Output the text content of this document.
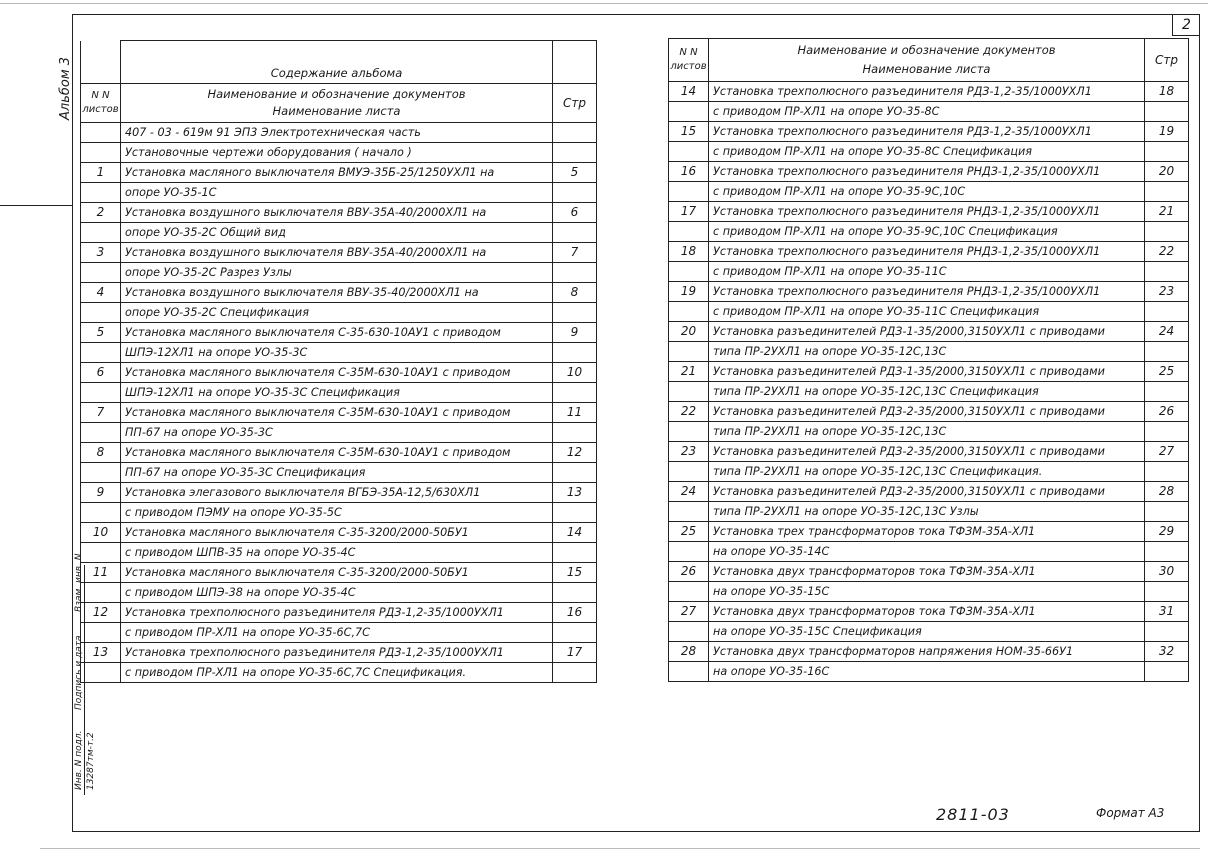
2
Альбом 3
Взам. инв. N
Подпись и дата
Инв. N подл. 13287тм-т.2
	Содержание альбома	
N N листов	Наименование и обозначение документов
Наименование листа	Стр
	407 - 03 - 619м 91 ЭП3 Электротехническая часть	
	Установочные чертежи оборудования ( начало )	
1	Установка масляного выключателя ВМУЭ-35Б-25/1250УХЛ1 на	5
	опоре УО-35-1С	
2	Установка воздушного выключателя ВВУ-35А-40/2000ХЛ1 на	6
	опоре УО-35-2С Общий вид	
3	Установка воздушного выключателя ВВУ-35А-40/2000ХЛ1 на	7
	опоре УО-35-2С Разрез Узлы	
4	Установка воздушного выключателя ВВУ-35-40/2000ХЛ1 на	8
	опоре УО-35-2С Спецификация	
5	Установка масляного выключателя С-35-630-10АУ1 с приводом	9
	ШПЭ-12ХЛ1 на опоре УО-35-3С	
6	Установка масляного выключателя С-35М-630-10АУ1 с приводом	10
	ШПЭ-12ХЛ1 на опоре УО-35-3С Спецификация	
7	Установка масляного выключателя С-35М-630-10АУ1 с приводом	11
	ПП-67 на опоре УО-35-3С	
8	Установка масляного выключателя С-35М-630-10АУ1 с приводом	12
	ПП-67 на опоре УО-35-3С Спецификация	
9	Установка элегазового выключателя ВГБЭ-35А-12,5/630ХЛ1	13
	с приводом ПЭМУ на опоре УО-35-5С	
10	Установка масляного выключателя С-35-3200/2000-50БУ1	14
	с приводом ШПВ-35 на опоре УО-35-4С	
11	Установка масляного выключателя С-35-3200/2000-50БУ1	15
	с приводом ШПЭ-38 на опоре УО-35-4С	
12	Установка трехполюсного разъединителя РДЗ-1,2-35/1000УХЛ1	16
	с приводом ПР-ХЛ1 на опоре УО-35-6С,7С	
13	Установка трехполюсного разъединителя РДЗ-1,2-35/1000УХЛ1	17
	с приводом ПР-ХЛ1 на опоре УО-35-6С,7С Спецификация.	
N N листов	Наименование и обозначение документов
Наименование листа	Стр
14	Установка трехполюсного разъединителя РДЗ-1,2-35/1000УХЛ1	18
	с приводом ПР-ХЛ1 на опоре УО-35-8С	
15	Установка трехполюсного разъединителя РДЗ-1,2-35/1000УХЛ1	19
	с приводом ПР-ХЛ1 на опоре УО-35-8С Спецификация	
16	Установка трехполюсного разъединителя РНДЗ-1,2-35/1000УХЛ1	20
	с приводом ПР-ХЛ1 на опоре УО-35-9С,10С	
17	Установка трехполюсного разъединителя РНДЗ-1,2-35/1000УХЛ1	21
	с приводом ПР-ХЛ1 на опоре УО-35-9С,10С Спецификация	
18	Установка трехполюсного разъединителя РНДЗ-1,2-35/1000УХЛ1	22
	с приводом ПР-ХЛ1 на опоре УО-35-11С	
19	Установка трехполюсного разъединителя РНДЗ-1,2-35/1000УХЛ1	23
	с приводом ПР-ХЛ1 на опоре УО-35-11С Спецификация	
20	Установка разъединителей РДЗ-1-35/2000,3150УХЛ1 с приводами	24
	типа ПР-2УХЛ1 на опоре УО-35-12С,13С	
21	Установка разъединителей РДЗ-1-35/2000,3150УХЛ1 с приводами	25
	типа ПР-2УХЛ1 на опоре УО-35-12С,13С Спецификация	
22	Установка разъединителей РДЗ-2-35/2000,3150УХЛ1 с приводами	26
	типа ПР-2УХЛ1 на опоре УО-35-12С,13С	
23	Установка разъединителей РДЗ-2-35/2000,3150УХЛ1 с приводами	27
	типа ПР-2УХЛ1 на опоре УО-35-12С,13С Спецификация.	
24	Установка разъединителей РДЗ-2-35/2000,3150УХЛ1 с приводами	28
	типа ПР-2УХЛ1 на опоре УО-35-12С,13С Узлы	
25	Установка трех трансформаторов тока ТФЗМ-35А-ХЛ1	29
	на опоре УО-35-14С	
26	Установка двух трансформаторов тока ТФЗМ-35А-ХЛ1	30
	на опоре УО-35-15С	
27	Установка двух трансформаторов тока ТФЗМ-35А-ХЛ1	31
	на опоре УО-35-15С Спецификация	
28	Установка двух трансформаторов напряжения НОМ-35-66У1	32
	на опоре УО-35-16С	
2811-03	Формат А3
